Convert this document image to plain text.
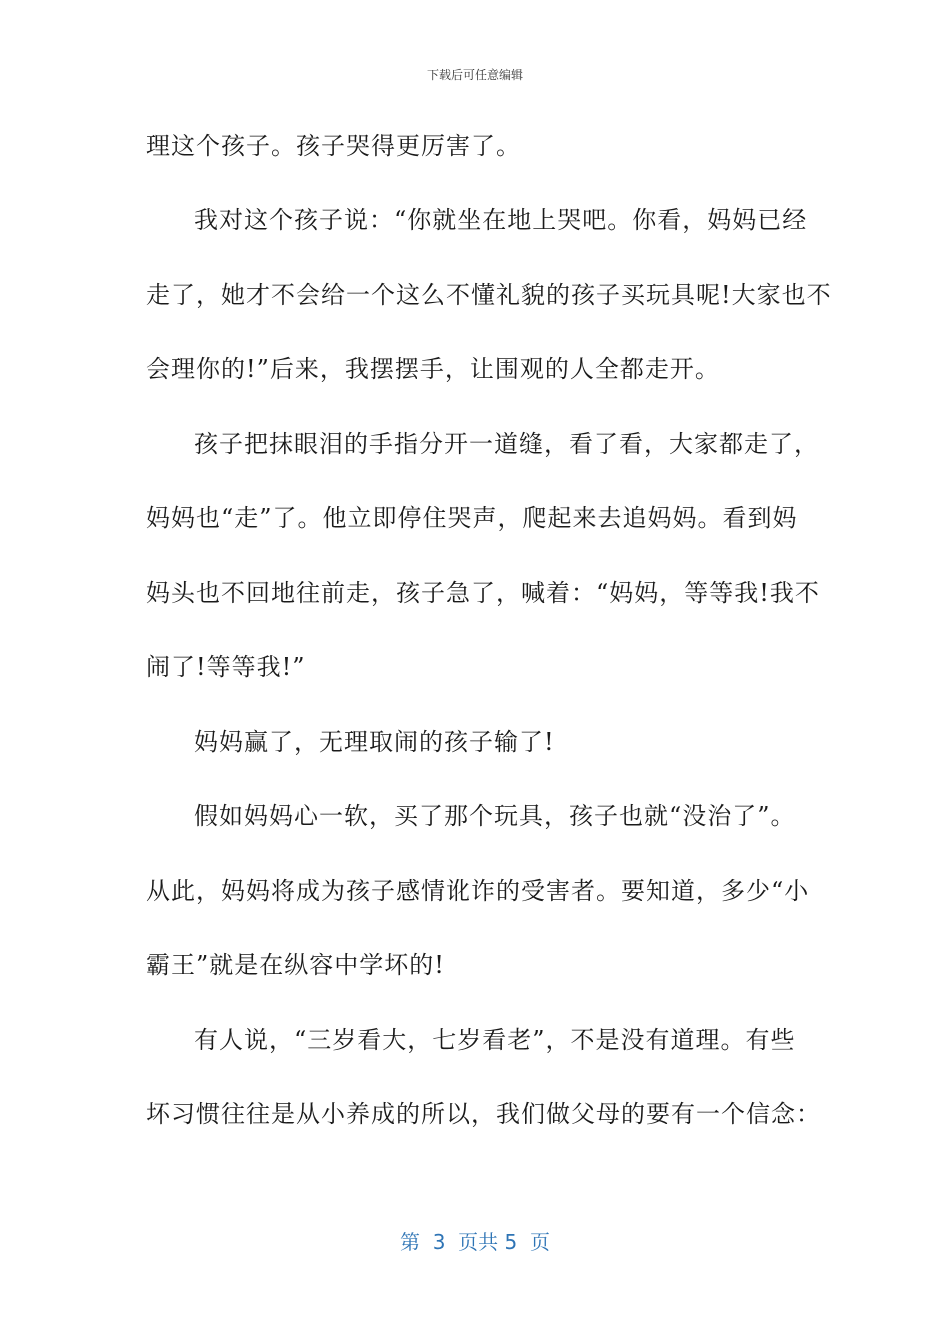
下载后可任意编辑
理这个孩子。孩子哭得更厉害了。
我对这个孩子说：“你就坐在地上哭吧。你看，妈妈已经
走了，她才不会给一个这么不懂礼貌的孩子买玩具呢!大家也不
会理你的!”后来，我摆摆手，让围观的人全都走开。
孩子把抹眼泪的手指分开一道缝，看了看，大家都走了，
妈妈也“走”了。他立即停住哭声，爬起来去追妈妈。看到妈
妈头也不回地往前走，孩子急了，喊着：“妈妈，等等我!我不
闹了!等等我!”
妈妈赢了，无理取闹的孩子输了!
假如妈妈心一软，买了那个玩具，孩子也就“没治了”。
从此，妈妈将成为孩子感情讹诈的受害者。要知道，多少“小
霸王”就是在纵容中学坏的!
有人说，“三岁看大，七岁看老”，不是没有道理。有些
坏习惯往往是从小养成的所以，我们做父母的要有一个信念：
第  3  页共 5  页
